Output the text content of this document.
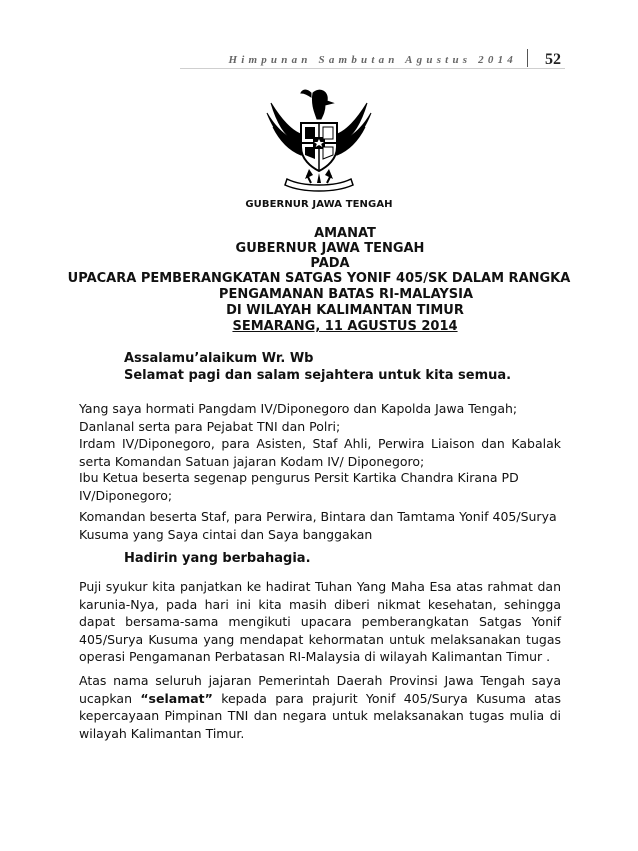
Himpunan Sambutan Agustus 2014 52
GUBERNUR JAWA TENGAH
AMANAT
GUBERNUR JAWA TENGAH
PADA
UPACARA PEMBERANGKATAN SATGAS YONIF 405/SK DALAM RANGKA
PENGAMANAN BATAS RI-MALAYSIA
DI WILAYAH KALIMANTAN TIMUR
SEMARANG, 11 AGUSTUS 2014
Assalamu’alaikum Wr. Wb
Selamat pagi dan salam sejahtera untuk kita semua.
Yang saya hormati Pangdam IV/Diponegoro dan Kapolda Jawa Tengah;
Danlanal serta para Pejabat TNI dan Polri;
Irdam IV/Diponegoro, para Asisten, Staf Ahli, Perwira Liaison dan Kabalak serta Komandan Satuan jajaran Kodam IV/ Diponegoro;
Ibu Ketua beserta segenap pengurus Persit Kartika Chandra Kirana PD IV/Diponegoro;
Komandan beserta Staf, para Perwira, Bintara dan Tamtama Yonif 405/Surya Kusuma yang Saya cintai dan Saya banggakan
Hadirin yang berbahagia.
Puji syukur kita panjatkan ke hadirat Tuhan Yang Maha Esa atas rahmat dan karunia-Nya, pada hari ini kita masih diberi nikmat kesehatan, sehingga dapat bersama-sama mengikuti upacara pemberangkatan Satgas Yonif 405/Surya Kusuma yang mendapat kehormatan untuk melaksanakan tugas operasi Pengamanan Perbatasan RI-Malaysia di wilayah Kalimantan Timur .
Atas nama seluruh jajaran Pemerintah Daerah Provinsi Jawa Tengah saya ucapkan “selamat” kepada para prajurit Yonif 405/Surya Kusuma atas kepercayaan Pimpinan TNI dan negara untuk melaksanakan tugas mulia di wilayah Kalimantan Timur.
